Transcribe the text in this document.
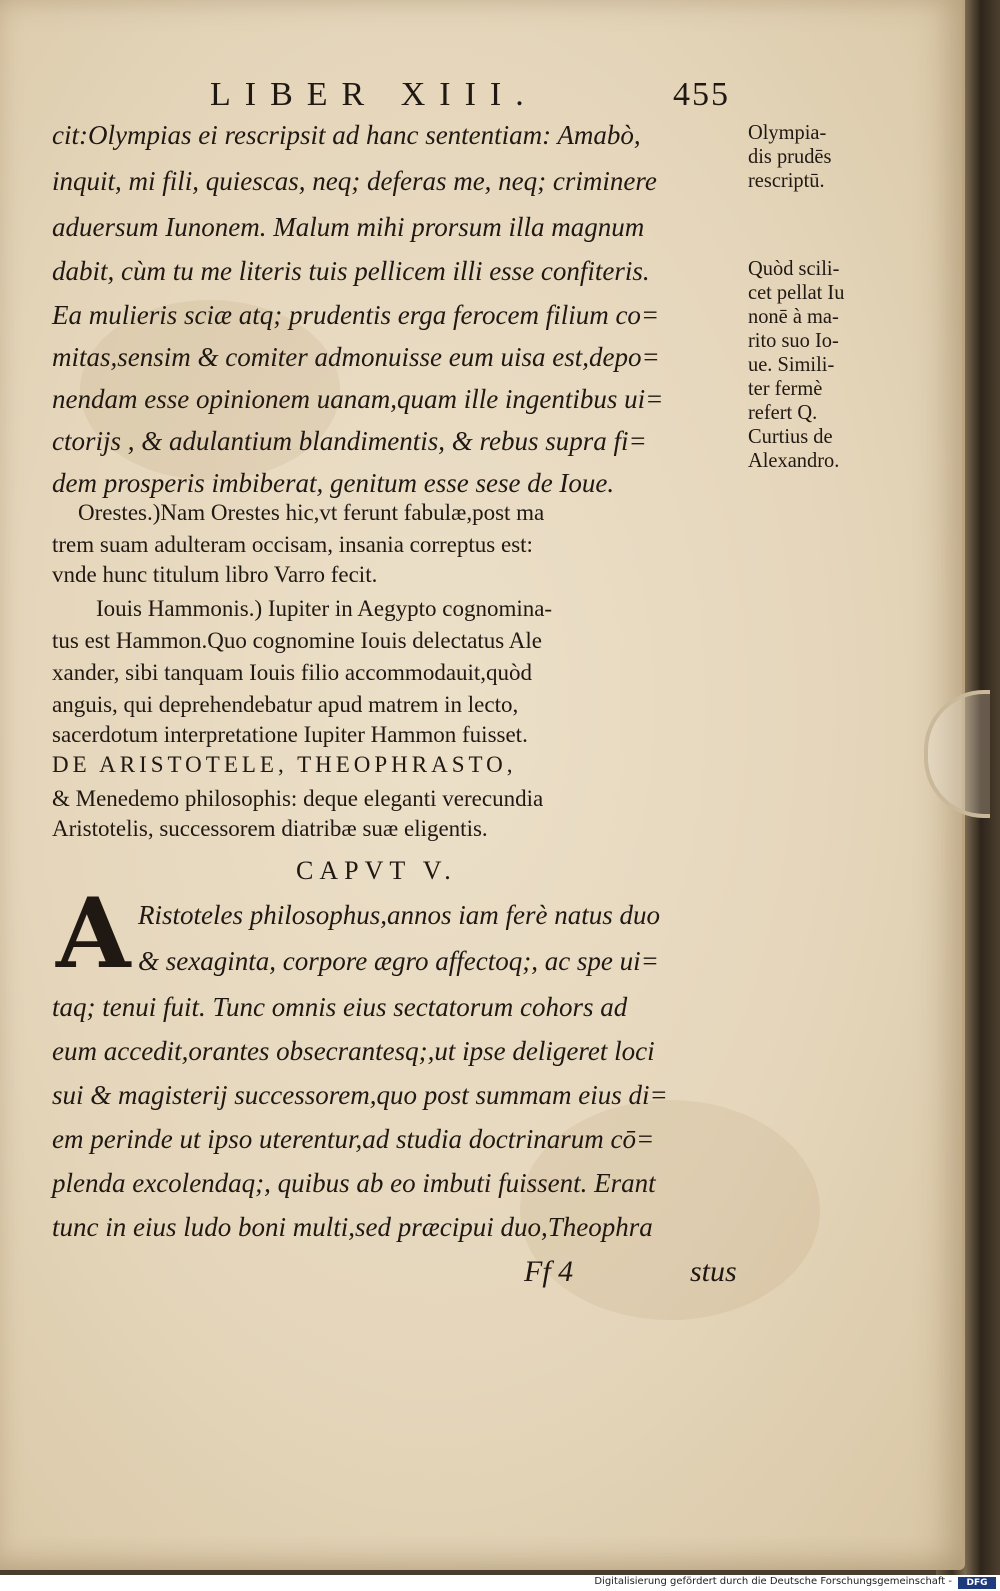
LIBER XIII.	455
cit:Olympias ei rescripsit ad hanc sententiam: Amabò,
inquit, mi fili, quiescas, neq; deferas me, neq; criminere
aduersum Iunonem. Malum mihi prorsum illa magnum
dabit, cùm tu me literis tuis pellicem illi esse confiteris.
Ea mulieris sciæ atq; prudentis erga ferocem filium co=
mitas,sensim & comiter admonuisse eum uisa est,depo=
nendam esse opinionem uanam,quam ille ingentibus ui=
ctorijs , & adulantium blandimentis, & rebus supra fi=
dem prosperis imbiberat, genitum esse sese de Ioue.
Orestes.)Nam Orestes hic,vt ferunt fabulæ,post ma
trem suam adulteram occisam, insania correptus est:
vnde hunc titulum libro Varro fecit.
Iouis Hammonis.) Iupiter in Aegypto cognomina-
tus est Hammon.Quo cognomine Iouis delectatus Ale
xander, sibi tanquam Iouis filio accommodauit,quòd
anguis, qui deprehendebatur apud matrem in lecto,
sacerdotum interpretatione Iupiter Hammon fuisset.
DE ARISTOTELE, THEOPHRASTO,
& Menedemo philosophis: deque eleganti verecundia
Aristotelis, successorem diatribæ suæ eligentis.
CAPVT V.
A Ristoteles philosophus,annos iam ferè natus duo
& sexaginta, corpore ægro affectoq;, ac spe ui=
taq; tenui fuit. Tunc omnis eius sectatorum cohors ad
eum accedit,orantes obsecrantesq;,ut ipse deligeret loci
sui & magisterij successorem,quo post summam eius di=
em perinde ut ipso uterentur,ad studia doctrinarum cō=
plenda excolendaq;, quibus ab eo imbuti fuissent. Erant
tunc in eius ludo boni multi,sed præcipui duo,Theophra
Ff 4	stus
Olympia-
dis prudēs
rescriptū.
Quòd scili-
cet pellat Iu
nonē à ma-
rito suo Io-
ue. Simili-
ter fermè
refert Q.
Curtius de
Alexandro.
Digitalisierung gefördert durch die Deutsche Forschungsgemeinschaft -	DFG
